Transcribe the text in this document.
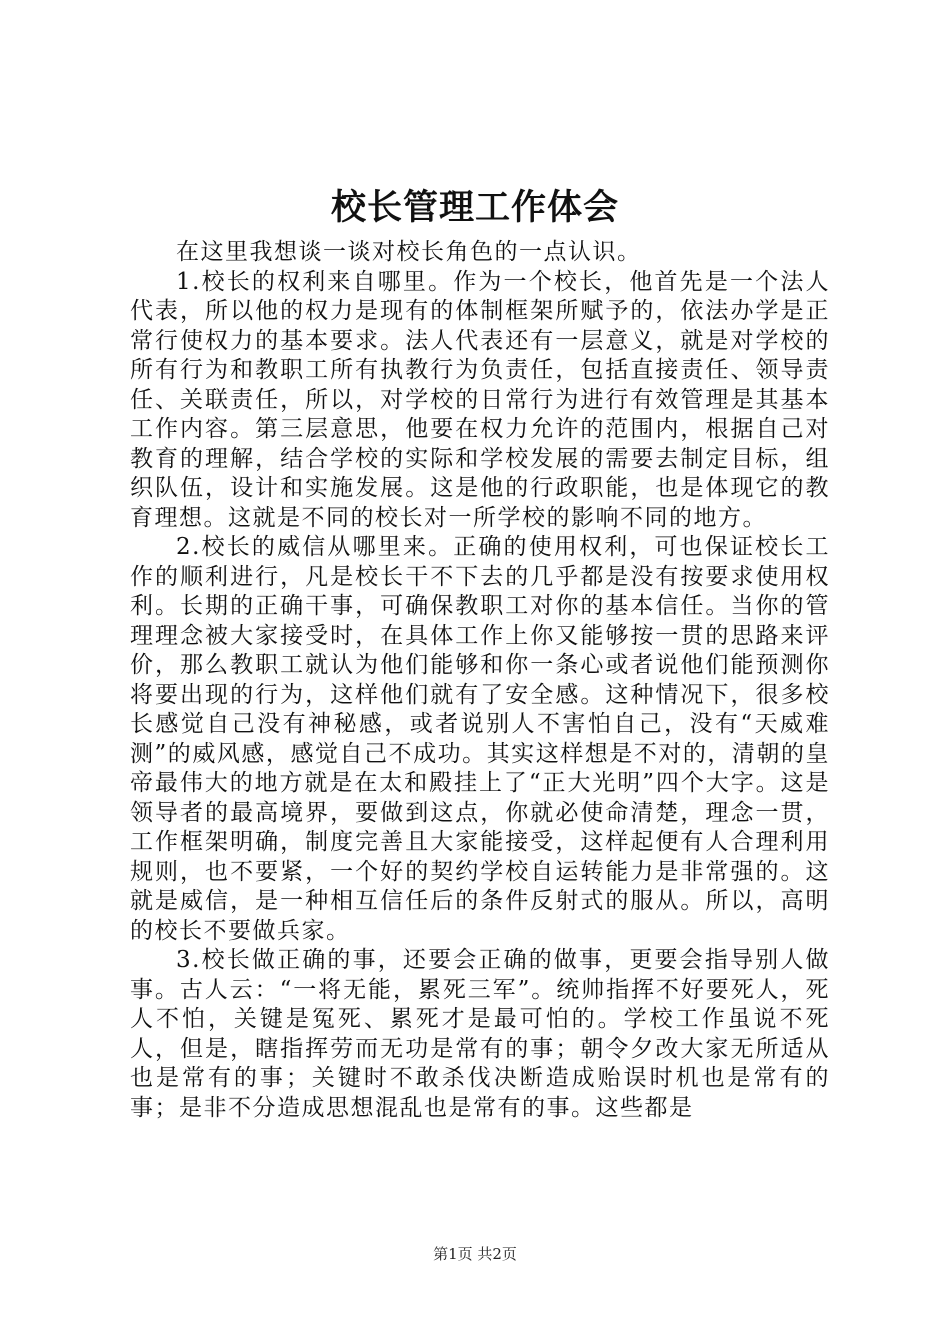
校长管理工作体会

在这里我想谈一谈对校长角色的一点认识。

1.校长的权利来自哪里。作为一个校长，他首先是一个法人代表，所以他的权力是现有的体制框架所赋予的，依法办学是正常行使权力的基本要求。法人代表还有一层意义，就是对学校的所有行为和教职工所有执教行为负责任，包括直接责任、领导责任、关联责任，所以，对学校的日常行为进行有效管理是其基本工作内容。第三层意思，他要在权力允许的范围内，根据自己对教育的理解，结合学校的实际和学校发展的需要去制定目标，组织队伍，设计和实施发展。这是他的行政职能，也是体现它的教育理想。这就是不同的校长对一所学校的影响不同的地方。

2.校长的威信从哪里来。正确的使用权利，可也保证校长工作的顺利进行，凡是校长干不下去的几乎都是没有按要求使用权利。长期的正确干事，可确保教职工对你的基本信任。当你的管理理念被大家接受时，在具体工作上你又能够按一贯的思路来评价，那么教职工就认为他们能够和你一条心或者说他们能预测你将要出现的行为，这样他们就有了安全感。这种情况下，很多校长感觉自己没有神秘感，或者说别人不害怕自己，没有“天威难测”的威风感，感觉自己不成功。其实这样想是不对的，清朝的皇帝最伟大的地方就是在太和殿挂上了“正大光明”四个大字。这是领导者的最高境界，要做到这点，你就必使命清楚，理念一贯，工作框架明确，制度完善且大家能接受，这样起便有人合理利用规则，也不要紧，一个好的契约学校自运转能力是非常强的。这就是威信，是一种相互信任后的条件反射式的服从。所以，高明的校长不要做兵家。

3.校长做正确的事，还要会正确的做事，更要会指导别人做事。古人云：“一将无能，累死三军”。统帅指挥不好要死人，死人不怕，关键是冤死、累死才是最可怕的。学校工作虽说不死人，但是，瞎指挥劳而无功是常有的事；朝令夕改大家无所适从也是常有的事；关键时不敢杀伐决断造成贻误时机也是常有的事；是非不分造成思想混乱也是常有的事。这些都是

第1页 共2页
